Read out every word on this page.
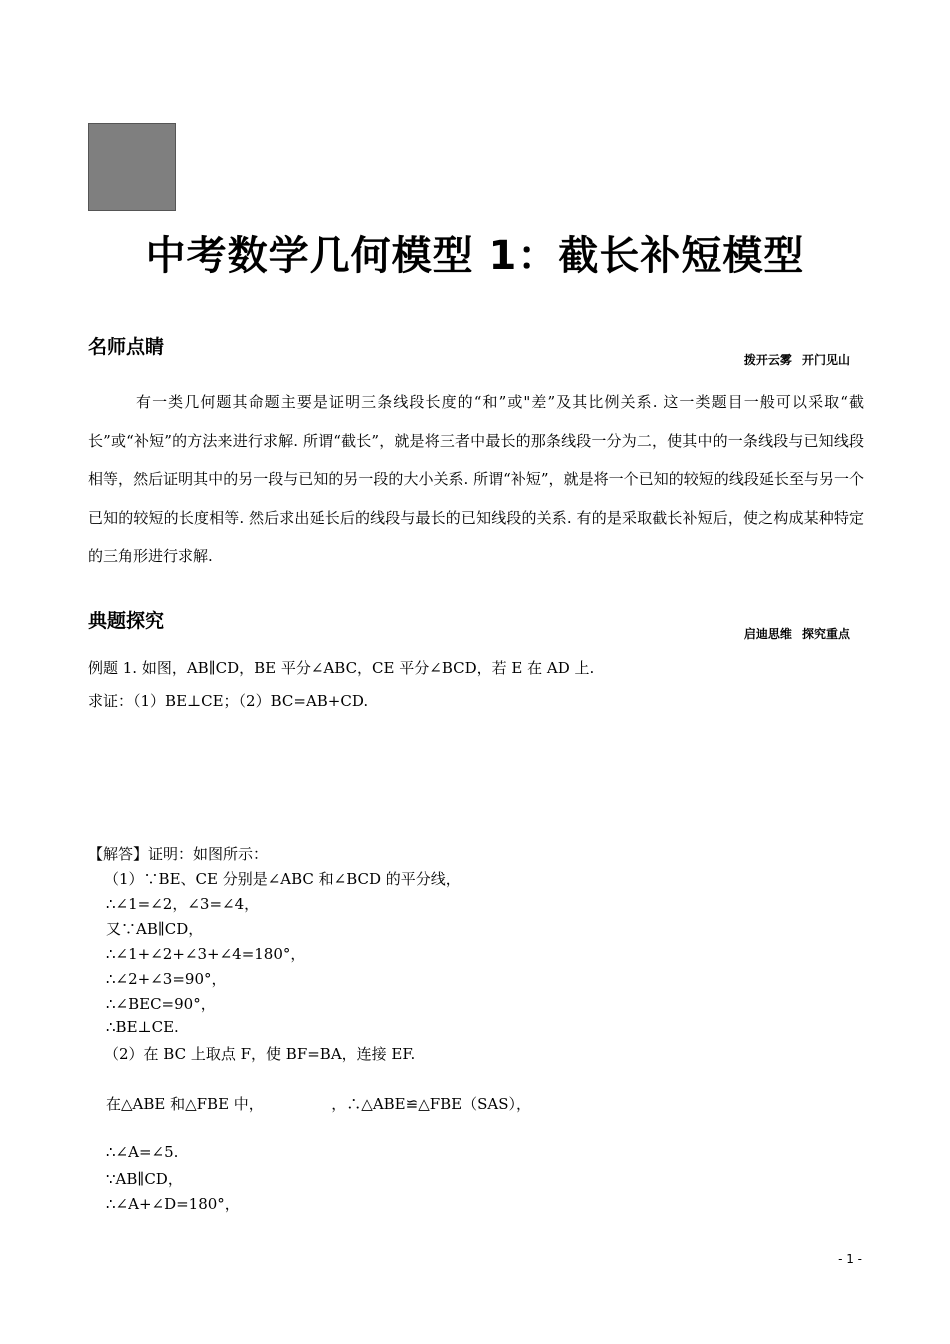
中考数学几何模型 1：截长补短模型
名师点睛
拨开云雾 开门见山
有一类几何题其命题主要是证明三条线段长度的“和”或"差”及其比例关系. 这一类题目一般可以采取“截长”或“补短”的方法来进行求解. 所谓“截长”，就是将三者中最长的那条线段一分为二，使其中的一条线段与已知线段相等，然后证明其中的另一段与已知的另一段的大小关系. 所谓“补短”，就是将一个已知的较短的线段延长至与另一个已知的较短的长度相等. 然后求出延长后的线段与最长的已知线段的关系. 有的是采取截长补短后，使之构成某种特定的三角形进行求解.
典题探究
启迪思维 探究重点
例题 1. 如图，AB∥CD，BE 平分∠ABC，CE 平分∠BCD，若 E 在 AD 上.
求证：（1）BE⊥CE；（2）BC=AB+CD.
【解答】证明：如图所示：
（1）∵BE、CE 分别是∠ABC 和∠BCD 的平分线，
∴∠1=∠2，∠3=∠4，
又∵AB∥CD，
∴∠1+∠2+∠3+∠4=180°，
∴∠2+∠3=90°，
∴∠BEC=90°，
∴BE⊥CE.
（2）在 BC 上取点 F，使 BF=BA，连接 EF.
在△ABE 和△FBE 中，　　　　　，∴△ABE≌△FBE（SAS），
∴∠A=∠5.
∵AB∥CD，
∴∠A+∠D=180°，
- 1 -
